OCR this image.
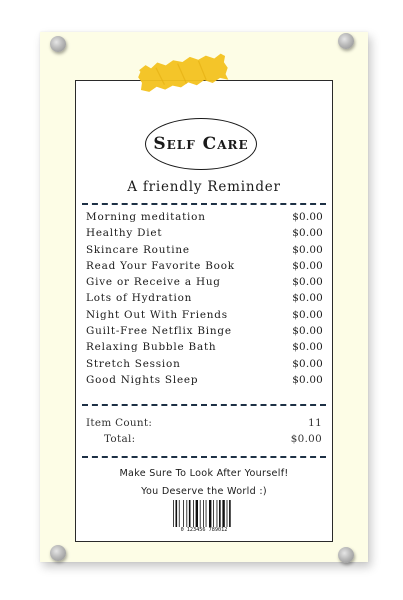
Self Care
A friendly Reminder
Morning meditation	$0.00
Healthy Diet	$0.00
Skincare Routine	$0.00
Read Your Favorite Book	$0.00
Give or Receive a Hug	$0.00
Lots of Hydration	$0.00
Night Out With Friends	$0.00
Guilt-Free Netflix Binge	$0.00
Relaxing Bubble Bath	$0.00
Stretch Session	$0.00
Good Nights Sleep	$0.00
Item Count:	11
Total:	$0.00
Make Sure To Look After Yourself!
You Deserve the World :)
0 123456 789012
